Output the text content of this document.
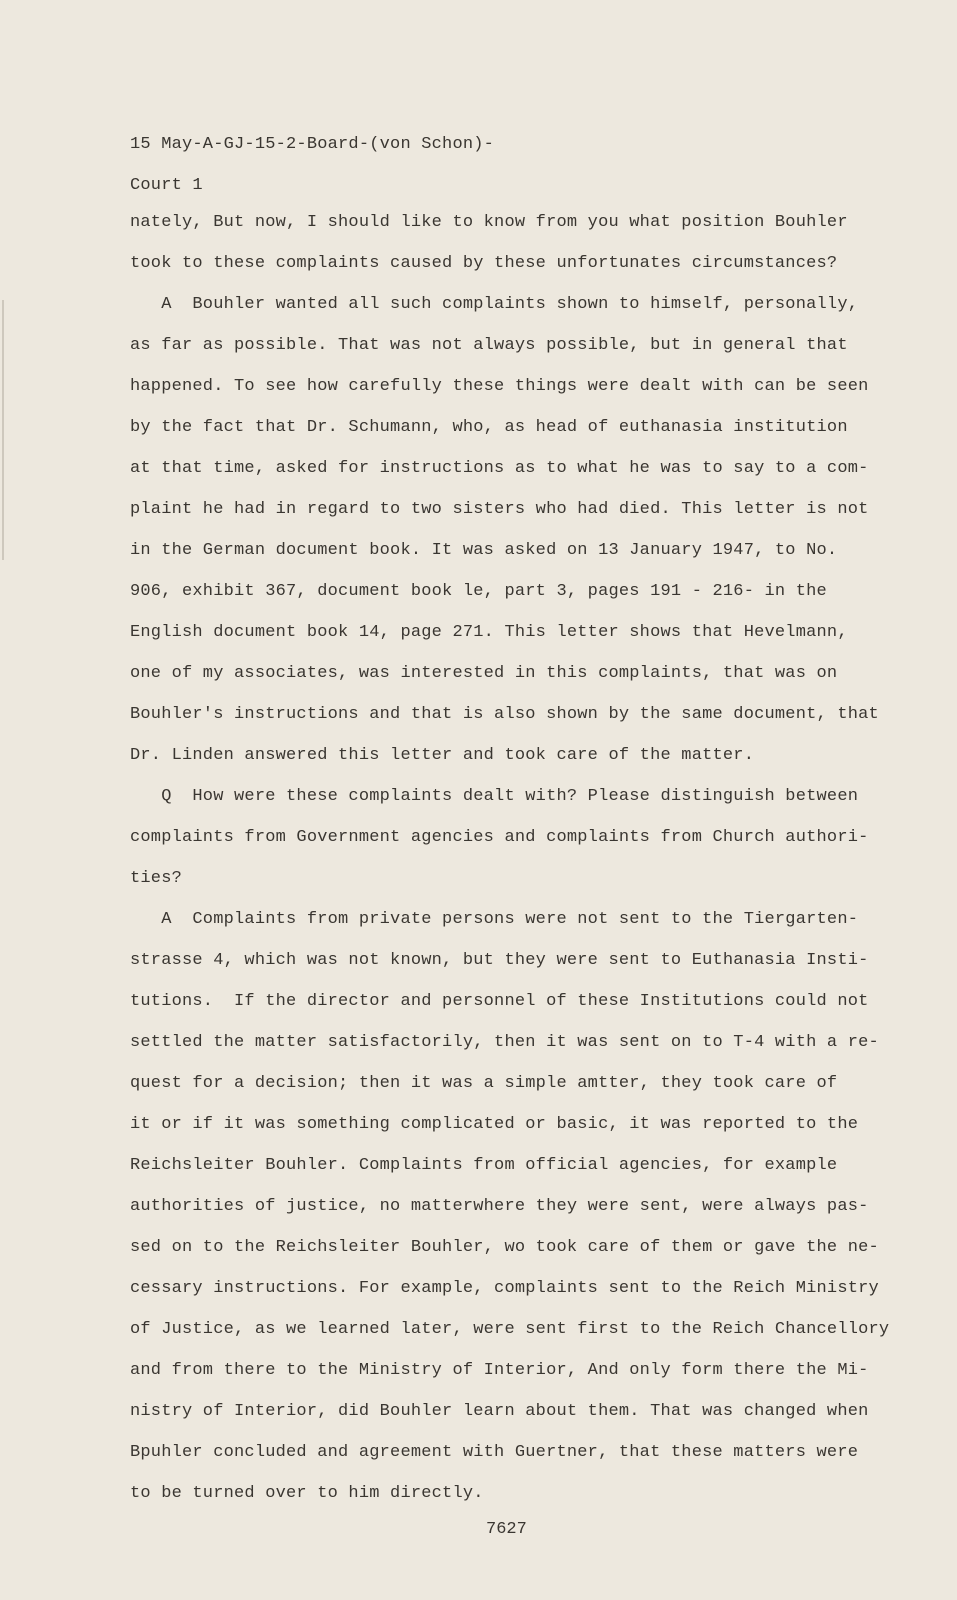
15 May-A-GJ-15-2-Board-(von Schon)-
Court 1
nately, But now, I should like to know from you what position Bouhler
took to these complaints caused by these unfortunates circumstances?
A  Bouhler wanted all such complaints shown to himself, personally,
as far as possible. That was not always possible, but in general that
happened. To see how carefully these things were dealt with can be seen
by the fact that Dr. Schumann, who, as head of euthanasia institution
at that time, asked for instructions as to what he was to say to a com-
plaint he had in regard to two sisters who had died. This letter is not
in the German document book. It was asked on 13 January 1947, to No.
906, exhibit 367, document book le, part 3, pages 191 - 216- in the
English document book 14, page 271. This letter shows that Hevelmann,
one of my associates, was interested in this complaints, that was on
Bouhler's instructions and that is also shown by the same document, that
Dr. Linden answered this letter and took care of the matter.
Q  How were these complaints dealt with? Please distinguish between
complaints from Government agencies and complaints from Church authori-
ties?
A  Complaints from private persons were not sent to the Tiergarten-
strasse 4, which was not known, but they were sent to Euthanasia Insti-
tutions.  If the director and personnel of these Institutions could not
settled the matter satisfactorily, then it was sent on to T-4 with a re-
quest for a decision; then it was a simple amtter, they took care of
it or if it was something complicated or basic, it was reported to the
Reichsleiter Bouhler. Complaints from official agencies, for example
authorities of justice, no matterwhere they were sent, were always pas-
sed on to the Reichsleiter Bouhler, wo took care of them or gave the ne-
cessary instructions. For example, complaints sent to the Reich Ministry
of Justice, as we learned later, were sent first to the Reich Chancellory
and from there to the Ministry of Interior, And only form there the Mi-
nistry of Interior, did Bouhler learn about them. That was changed when
Bpuhler concluded and agreement with Guertner, that these matters were
to be turned over to him directly.
7627
